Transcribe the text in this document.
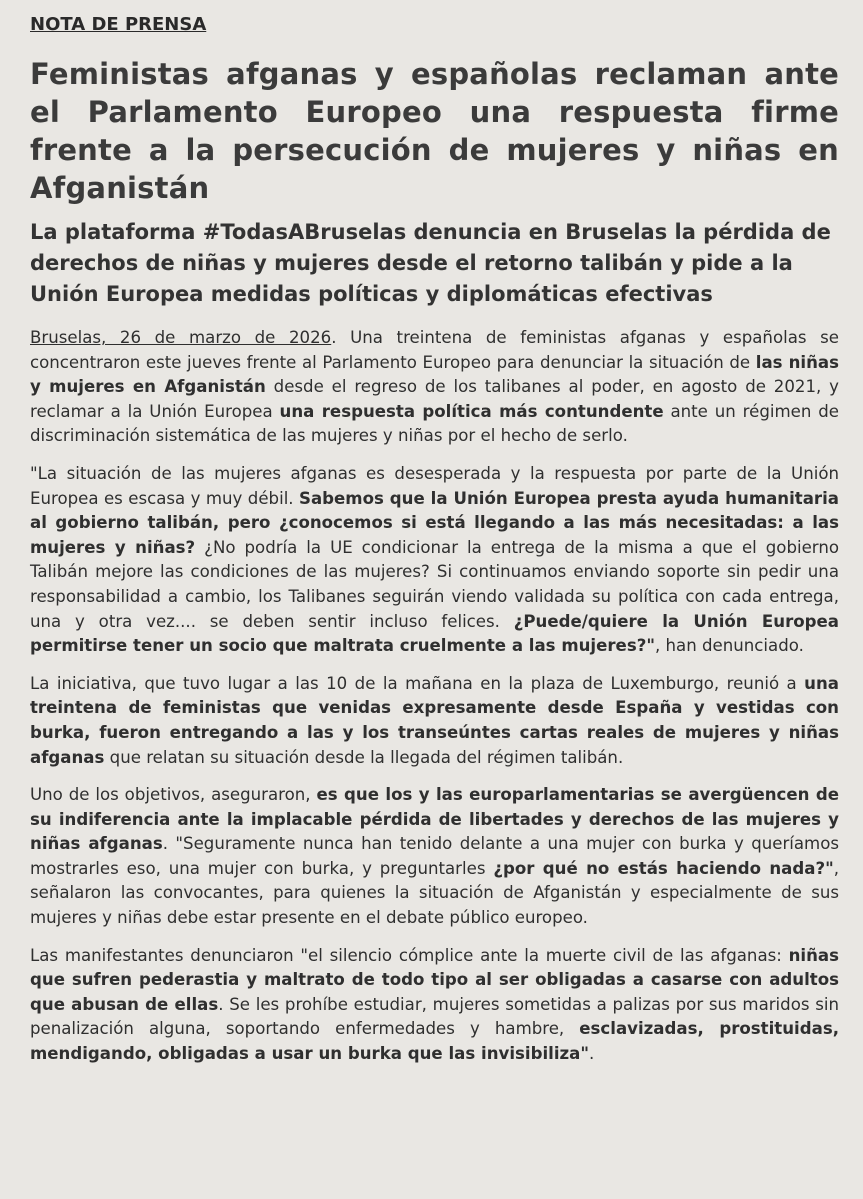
NOTA DE PRENSA
Feministas afganas y españolas reclaman ante el Parlamento Europeo una respuesta firme frente a la persecución de mujeres y niñas en Afganistán
La plataforma #TodasABruselas denuncia en Bruselas la pérdida de derechos de niñas y mujeres desde el retorno talibán y pide a la Unión Europea medidas políticas y diplomáticas efectivas

Bruselas, 26 de marzo de 2026. Una treintena de feministas afganas y españolas se concentraron este jueves frente al Parlamento Europeo para denunciar la situación de las niñas y mujeres en Afganistán desde el regreso de los talibanes al poder, en agosto de 2021, y reclamar a la Unión Europea una respuesta política más contundente ante un régimen de discriminación sistemática de las mujeres y niñas por el hecho de serlo.

"La situación de las mujeres afganas es desesperada y la respuesta por parte de la Unión Europea es escasa y muy débil. Sabemos que la Unión Europea presta ayuda humanitaria al gobierno talibán, pero ¿conocemos si está llegando a las más necesitadas: a las mujeres y niñas? ¿No podría la UE condicionar la entrega de la misma a que el gobierno Talibán mejore las condiciones de las mujeres? Si continuamos enviando soporte sin pedir una responsabilidad a cambio, los Talibanes seguirán viendo validada su política con cada entrega, una y otra vez.... se deben sentir incluso felices. ¿Puede/quiere la Unión Europea permitirse tener un socio que maltrata cruelmente a las mujeres?", han denunciado.

La iniciativa, que tuvo lugar a las 10 de la mañana en la plaza de Luxemburgo, reunió a una treintena de feministas que venidas expresamente desde España y vestidas con burka, fueron entregando a las y los transeúntes cartas reales de mujeres y niñas afganas que relatan su situación desde la llegada del régimen talibán.

Uno de los objetivos, aseguraron, es que los y las europarlamentarias se avergüencen de su indiferencia ante la implacable pérdida de libertades y derechos de las mujeres y niñas afganas. "Seguramente nunca han tenido delante a una mujer con burka y queríamos mostrarles eso, una mujer con burka, y preguntarles ¿por qué no estás haciendo nada?", señalaron las convocantes, para quienes la situación de Afganistán y especialmente de sus mujeres y niñas debe estar presente en el debate público europeo.

Las manifestantes denunciaron "el silencio cómplice ante la muerte civil de las afganas: niñas que sufren pederastia y maltrato de todo tipo al ser obligadas a casarse con adultos que abusan de ellas. Se les prohíbe estudiar, mujeres sometidas a palizas por sus maridos sin penalización alguna, soportando enfermedades y hambre, esclavizadas, prostituidas, mendigando, obligadas a usar un burka que las invisibiliza".
